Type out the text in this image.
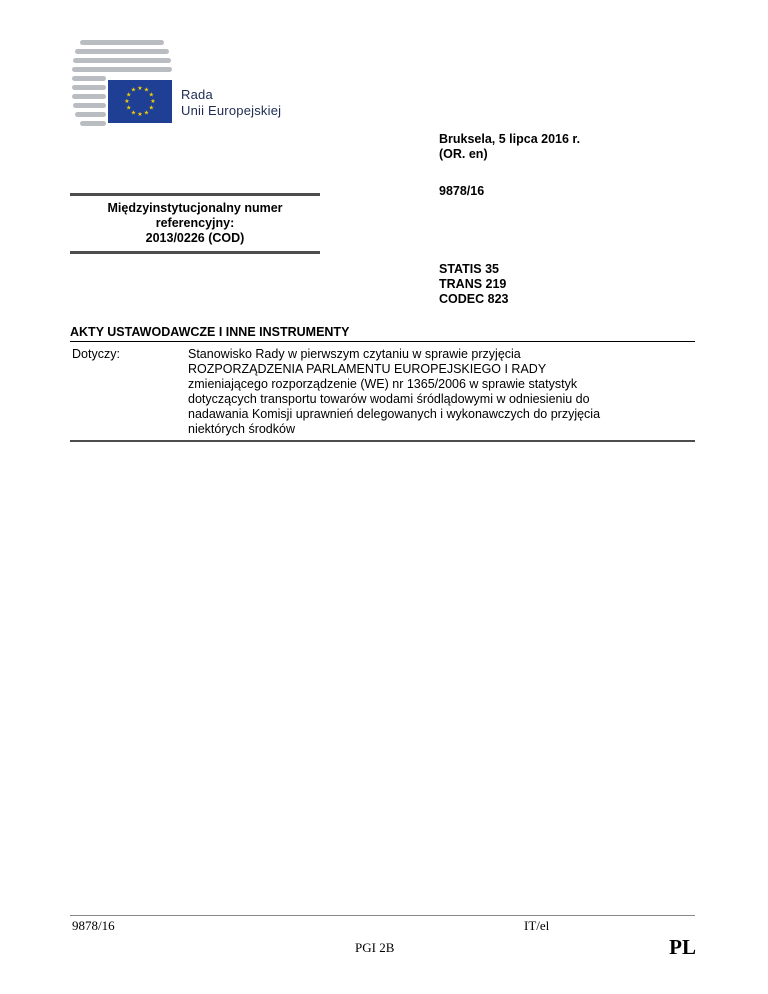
★ ★
★
★
★
★
★
★
★
★
★
★	Rada
Unii Europejskiej
Bruksela, 5 lipca 2016 r.
(OR. en)
9878/16
STATIS 35
TRANS 219
CODEC 823
Międzyinstytucjonalny numer
referencyjny:
2013/0226 (COD)
AKTY USTAWODAWCZE I INNE INSTRUMENTY
Dotyczy:	Stanowisko Rady w pierwszym czytaniu w sprawie przyjęcia
ROZPORZĄDZENIA PARLAMENTU EUROPEJSKIEGO I RADY
zmieniającego rozporządzenie (WE) nr 1365/2006 w sprawie statystyk
dotyczących transportu towarów wodami śródlądowymi w odniesieniu do
nadawania Komisji uprawnień delegowanych i wykonawczych do przyjęcia
niektórych środków
9878/16	IT/el
PGI 2B	PL
